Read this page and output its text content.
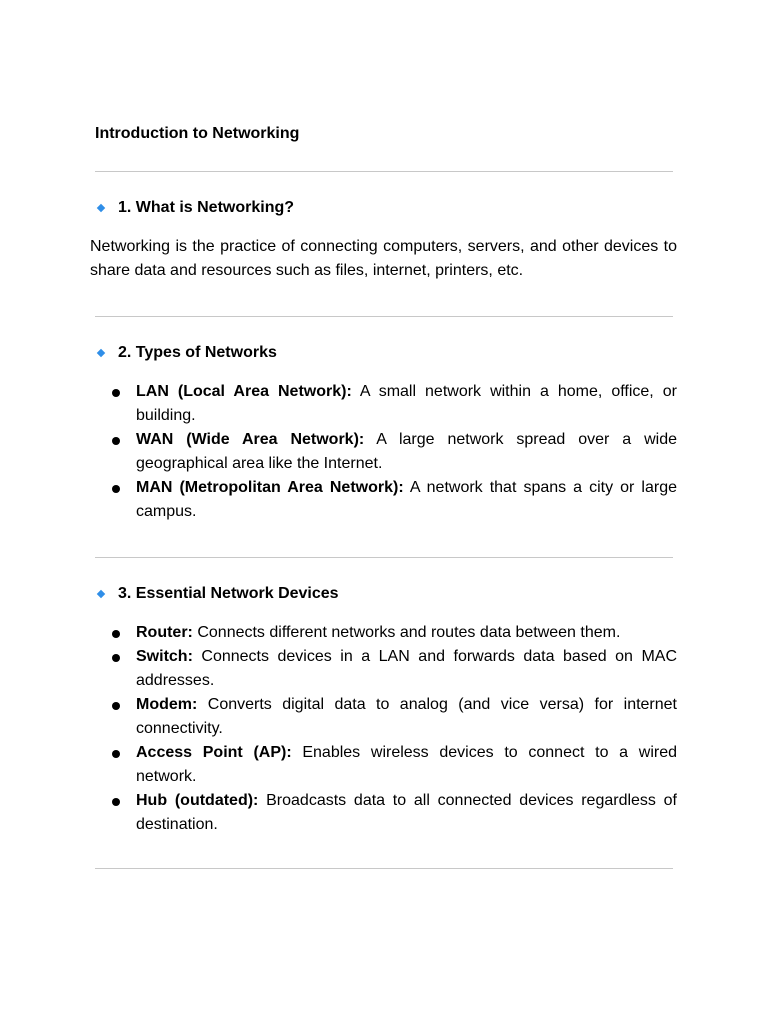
Introduction to Networking
1. What is Networking?

Networking is the practice of connecting computers, servers, and other devices to share data and resources such as files, internet, printers, etc.

2. Types of Networks
LAN (Local Area Network): A small network within a home, office, or building.
WAN (Wide Area Network): A large network spread over a wide geographical area like the Internet.
MAN (Metropolitan Area Network): A network that spans a city or large campus.
3. Essential Network Devices
Router: Connects different networks and routes data between them.
Switch: Connects devices in a LAN and forwards data based on MAC addresses.
Modem: Converts digital data to analog (and vice versa) for internet connectivity.
Access Point (AP): Enables wireless devices to connect to a wired network.
Hub (outdated): Broadcasts data to all connected devices regardless of destination.
